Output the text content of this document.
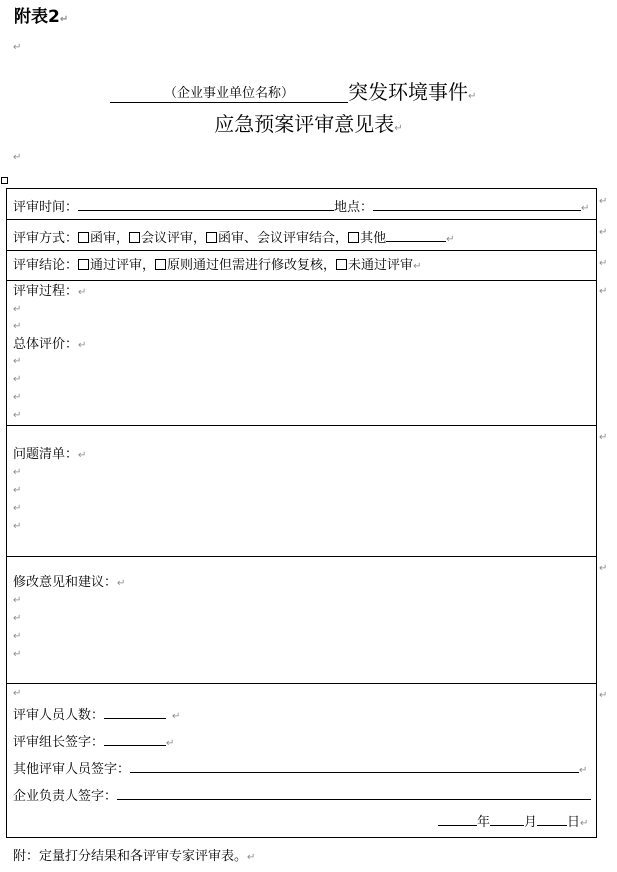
附表2↵
↵
（企业事业单位名称）	突发环境事件↵
应急预案评审意见表↵
↵
↵
↵
↵
↵
↵
↵
↵
评审时间：	地点：	↵
评审方式： 函审， 会议评审， 函审、会议评审结合， 其他	↵
评审结论： 通过评审， 原则通过但需进行修改复核， 未通过评审↵
评审过程：↵
↵
↵
总体评价：↵
↵
↵
↵
↵
问题清单：↵
↵
↵
↵
↵
修改意见和建议：↵
↵
↵
↵
↵
↵
评审人员人数：	↵
评审组长签字：	↵
其他评审人员签字：	↵
企业负责人签字：
年	月 日↵
附：定量打分结果和各评审专家评审表。↵
